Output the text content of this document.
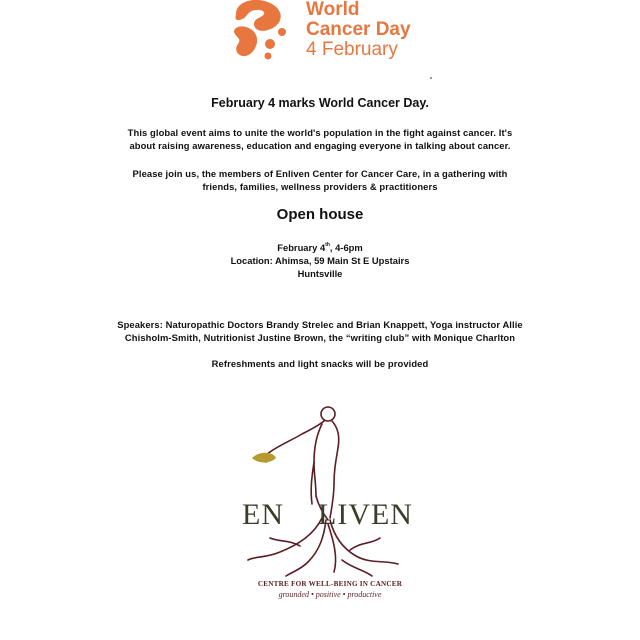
World
Cancer Day
4 February
February 4 marks World Cancer Day.
This global event aims to unite the world's population in the fight against cancer. It's
about raising awareness, education and engaging everyone in talking about cancer.
Please join us, the members of Enliven Center for Cancer Care, in a gathering with
friends, families, wellness providers & practitioners
Open house
February 4th, 4-6pm
Location: Ahimsa, 59 Main St E Upstairs
Huntsville
Speakers: Naturopathic Doctors Brandy Strelec and Brian Knappett, Yoga instructor Allie
Chisholm-Smith, Nutritionist Justine Brown, the “writing club” with Monique Charlton
Refreshments and light snacks will be provided
EN LIVEN
CENTRE FOR WELL-BEING IN CANCER
grounded • positive • productive
